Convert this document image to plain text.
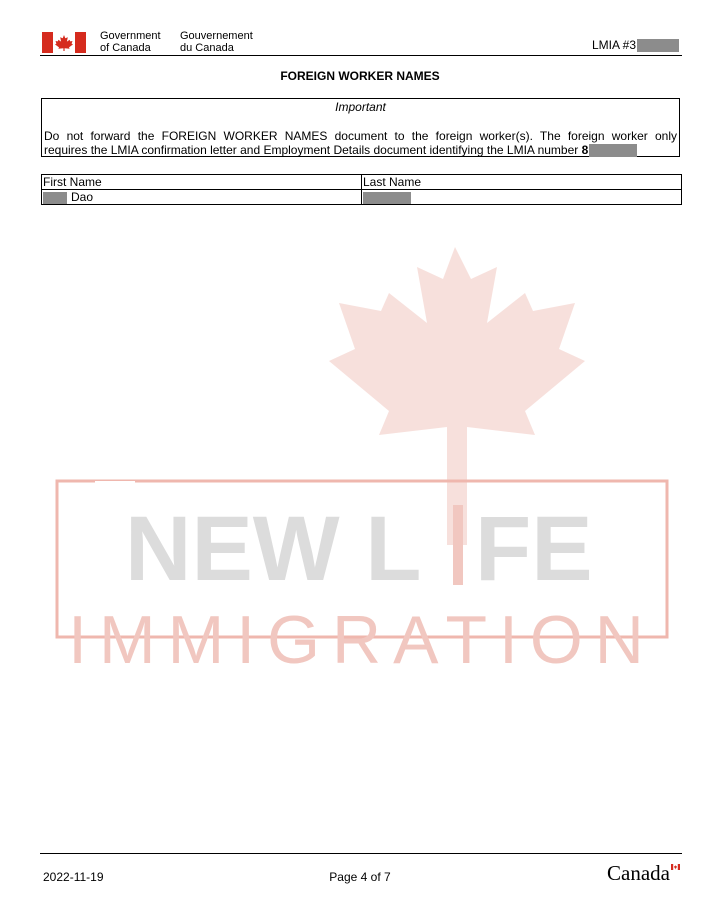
Government
of Canada
Gouvernement
du Canada	LMIA #3
FOREIGN WORKER NAMES
Important
Do not forward the FOREIGN WORKER NAMES document to the foreign worker(s). The foreign worker only
requires the LMIA confirmation letter and Employment Details document identifying the LMIA number 8
First Name	Last Name
Dao	
NEW L FE
IMMIGRATION
2022-11-19	Page 4 of 7	Canada
